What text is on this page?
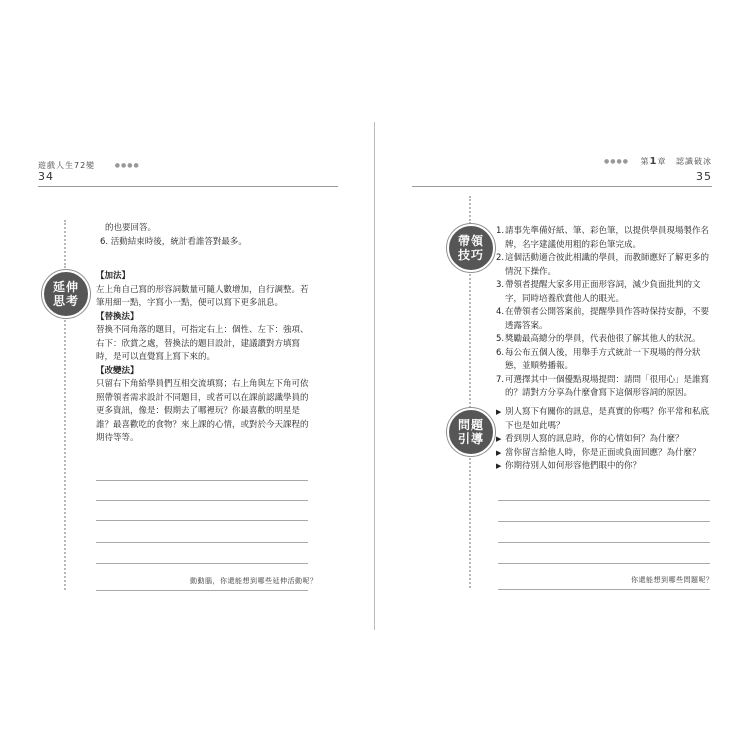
遊戲人生72變	●●●●
34
延伸
思考

的也要回答。

6. 活動結束時後，統計看誰答對最多。

【加法】

左上角自己寫的形容詞數量可隨人數增加，自行調整。若筆用細一點，字寫小一點，便可以寫下更多訊息。

【替換法】

替換不同角落的題目，可指定右上：個性、左下：強項、右下：欣賞之處，替換法的題目設計，建議讚對方填寫時，是可以直覺寫上寫下來的。

【改變法】

只留右下角給學員們互相交流填寫；右上角與左下角可依照帶領者需求設計不同題目，或者可以在課前認識學員的更多資訊，像是：假期去了哪裡玩？你最喜歡的明星是誰？最喜歡吃的食物？來上課的心情，或對於今天課程的期待等等。

動動腦，你還能想到哪些延伸活動呢？
●●●● 第1章 認識破冰
35
帶領
技巧
問題
引導
1. 請事先準備好紙、筆、彩色筆，以提供學員現場製作名牌，名字建議使用粗的彩色筆完成。
2. 這個活動適合彼此相識的學員，而教師應好了解更多的情況下操作。
3. 帶領者提醒大家多用正面形容詞，減少負面批判的文字，同時培養欣賞他人的眼光。
4. 在帶領者公開答案前，提醒學員作答時保持安靜，不要透露答案。
5. 獎勵最高總分的學員，代表他很了解其他人的狀況。
6. 每公布五個人後，用舉手方式統計一下現場的得分狀態，並順勢播報。
7. 可選擇其中一個優點現場提問：請問「很用心」是誰寫的？請對方分享為什麼會寫下這個形容詞的原因。
▶ 別人寫下有關你的訊息，是真實的你嗎？你平常和私底下也是如此嗎？
▶ 看到別人寫的訊息時，你的心情如何？為什麼？
▶ 當你留言給他人時，你是正面或負面回應？為什麼？
▶ 你期待別人如何形容他們眼中的你？
你還能想到哪些問題呢？
